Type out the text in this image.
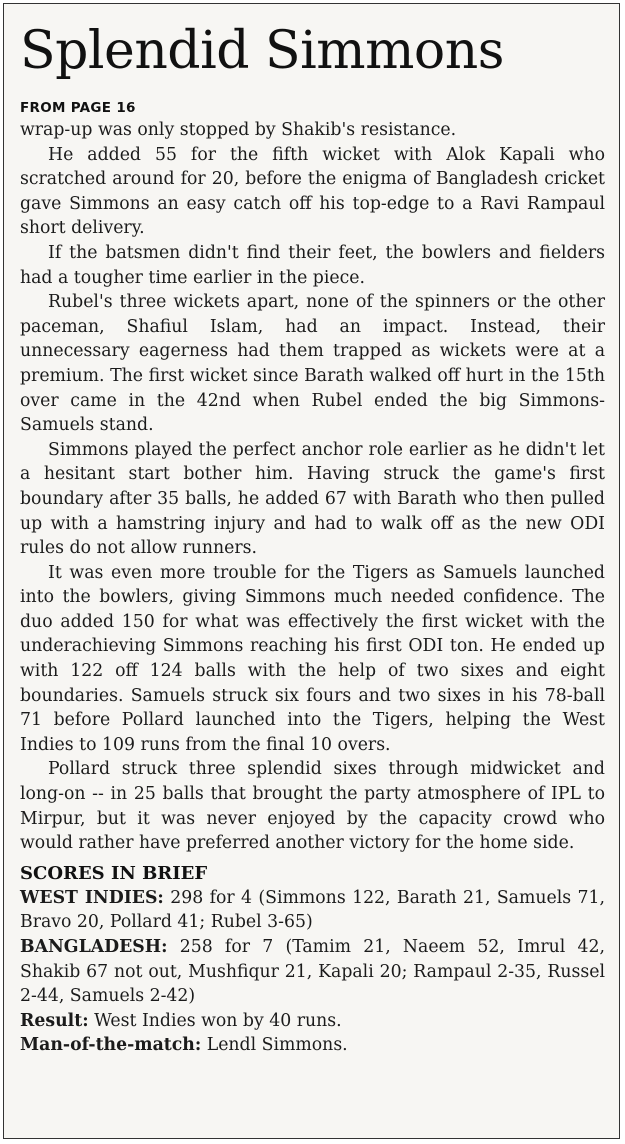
Splendid Simmons
FROM PAGE 16

wrap-up was only stopped by Shakib's resistance.

He added 55 for the fifth wicket with Alok Kapali who scratched around for 20, before the enigma of Bangladesh cricket gave Simmons an easy catch off his top-edge to a Ravi Rampaul short delivery.

If the batsmen didn't find their feet, the bowlers and fielders had a tougher time earlier in the piece.

Rubel's three wickets apart, none of the spinners or the other paceman, Shafiul Islam, had an impact. Instead, their unnecessary eagerness had them trapped as wickets were at a premium. The first wicket since Barath walked off hurt in the 15th over came in the 42nd when Rubel ended the big Simmons-Samuels stand.

Simmons played the perfect anchor role earlier as he didn't let a hesitant start bother him. Having struck the game's first boundary after 35 balls, he added 67 with Barath who then pulled up with a hamstring injury and had to walk off as the new ODI rules do not allow runners.

It was even more trouble for the Tigers as Samuels launched into the bowlers, giving Simmons much needed confidence. The duo added 150 for what was effectively the first wicket with the underachieving Simmons reaching his first ODI ton. He ended up with 122 off 124 balls with the help of two sixes and eight boundaries. Samuels struck six fours and two sixes in his 78-ball 71 before Pollard launched into the Tigers, helping the West Indies to 109 runs from the final 10 overs.

Pollard struck three splendid sixes through midwicket and long-on -- in 25 balls that brought the party atmosphere of IPL to Mirpur, but it was never enjoyed by the capacity crowd who would rather have preferred another victory for the home side.

SCORES IN BRIEF

WEST INDIES: 298 for 4 (Simmons 122, Barath 21, Samuels 71, Bravo 20, Pollard 41; Rubel 3-65)

BANGLADESH: 258 for 7 (Tamim 21, Naeem 52, Imrul 42, Shakib 67 not out, Mushfiqur 21, Kapali 20; Rampaul 2-35, Russel 2-44, Samuels 2-42)

Result: West Indies won by 40 runs.

Man-of-the-match: Lendl Simmons.
